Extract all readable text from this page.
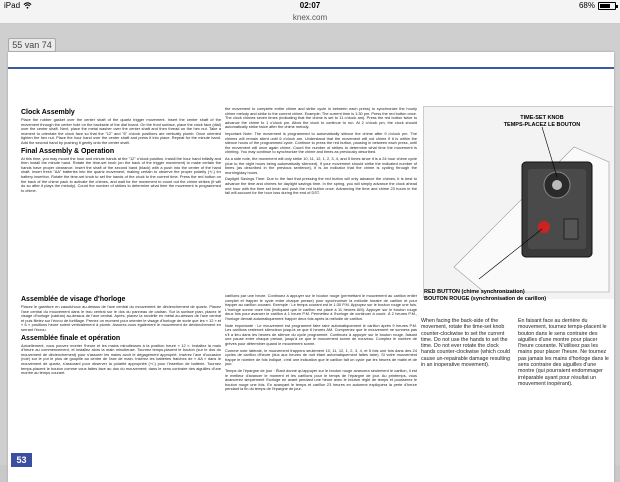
iPad	02:07	68%
knex.com
55 van 74
Clock Assembly

Place the rubber gasket over the center shaft of the quartz trigger movement. Insert the center shaft of the movement through the center hole on the backside of the dial board. On the front surface, place the clock face (dial) over the center shaft. Next, place the metal washer over the center shaft and then thread on the hex nut. Take a moment to orientate the clock face so that the "12" and "6" o'clock positions are vertically plumb. Once oriented tighten the hex nut. Place the hour hand over the center shaft and press it into place. Repeat for the minute hand. Add the second hand by pushing it gently onto the center shaft.

Final Assembly & Operation

At this time, you may mount the hour and minute hands at the "12" o'clock position. Install the hour hand initially and then install the minute hand. Rotate the time-set knob (on the back of the trigger movement) to make certain the hands have proper clearance. Insert the shaft of the second hand (black) with a push into the center of the hand shaft. Insert fresh "AA" batteries into the quartz movement, making certain to observe the proper polarity (+/-) for battery insertion. Rotate the time-set knob to set the hands of the clock to the current time. Press the red button on the back of the chime pack to activate the chimes, and wait for the movement to count out the chime strikes (it will do so after it plays the melody). Count the number of strikes to determine what time the movement is programmed to chime.

the movement to complete entire chime and strike cycle in between each press) to synchronize the hourly chime melody and strike to the current chime. Example: The current time is 1:30 pm. Press the red button once. The clock chimes seven times (indicating that the chime is set to 11 o'clock am). Press the red button twice to advance the chime to 1 o'clock pm. Allow the clock to continue to run. At 2 o'clock pm, the clock should automatically strike twice after the chime melody.

Important Note: The movement is programmed to automatically silence the chime after 9 o'clock pm. The chimes will remain silent until 6 o'clock am. Understand that the movement will not chime if it is within the silence hours of the programmed cycle. Continue to press the red button, pausing in between each press, until the movement will once again chime. Count the number of strikes to determine what time the movement is chiming. You may continue to synchronize the chime and times as previously described.

As a side note, the movement will only strike 10, 11, 12, 1, 2, 3, 4, and 5 times since it is a 24 hour chime cycle (due to the night hours being automatically silenced). If your movement should strike the indicated number of times (as described in the previous sentence), it is an indicator that the chime is cycling through the morning/day hours.

Daylight Savings Time: Due to the fact that pressing the red button will only advance the chimes, it is best to advance the time and chimes for daylight savings time. In the spring, you will simply advance the clock ahead one hour with the time set knob and push the red button once. Advancing the time and chime 23 hours in the fall will account for the hour loss during the end of DST.

Assemblée de visage d'horloge

Placez le garniture en caoutchouc au-dessus de l'axe central du mouvement de déclenchement de quartz. Placez l'axe central du mouvement dans le trou central sur le dos du panneau de cadran. Sur la surface plan, placez le visage d'horloge (cadran) au-dessus de l'axe central. Après, placez la rondelle en métal au-dessus de l'axe central et puis filetez sur l'écrou de tortillage. Prenez un moment pour orienter le visage d'horloge de sorte que les « 12 » et « 6 » positions heure soient verticalement à plomb. Assurez-vous également le mouvement de déclenchement en serrant l'écrou.

Assemblée finale et opération

Actuellement, vous pouvez monter l'heure et les mains minutieuses à la position heure « 12 ». Installez la main d'heure au commencement, et installez alors la main minutieuse. Tournez temps-placent le bouton (sur le dos du mouvement de déclenchement) pour s'assurer les mains avoir le dégagement approprié. Insérez l'axe d'occasion (noir) sur le pot le plus de goupille au centre de l'axe de main. Insérez les batteries fraîches de « AA » dans le mouvement de quartz, s'assurant pour observer la polarité appropriée (+/-) pour l'insertion de batterie. Tournez temps-placent le bouton comme vous faites face au dos du mouvement; dans le sens contraire des aiguilles d'une montre au temps courant.

carillons par une heure. Continuez à appuyer sur le bouton rouge (permettant le mouvement au carillon entier complet et frapper le cycle entre chaque presse) pour synchroniser la mélodie horaire de carillon et pour frapper au carillon courant. Exemple : Le temps courant est le 1:30 P.M. Appuyez sur le bouton rouge une fois. L'horloge sonne onze fois (indiquant que le carillon est placé à 11 heures AM). Appuyer sur le bouton rouge deux fois pour avancer le carillon à 1 heure P.M. Permettez à l'horloge de continuer à courir. À 2 heures P.M., l'horloge devrait automatiquement frapper deux fois après la mélodie de carillon.

Note importante : Le mouvement est programmé faire taire automatiquement le carillon après 9 heures P.M. Les carillons resteront silencieux jusqu'à ce que 6 heures AM. Comprenez que le mouvement ne sonnera pas s'il a lieu dans les heures de silence du cycle programmé. Continuez à appuyer sur le bouton rouge, faisant une pause entre chaque presse, jusqu'à ce que le mouvement sonne de nouveau. Comptez le nombre de grèves pour déterminer quand le mouvement sonne.

Comme note latérale, le mouvement frappera seulement 10, 11, 12, 1, 2, 3, 4, et 5 fois une fois dans des 24 cycles de carillon d'heure (dus aux heures de nuit étant automatiquement faites taire). Si votre mouvement frappe le nombre de fois indiqué, c'est une indication que le carillon fait un cycle par les heures de matin et de jour.

Temps de l'épargne de jour : Étant donné qu'appuyer sur le bouton rouge avancera seulement le carillon, il est le meilleur d'avancer le moment et les carillons pour le temps de l'épargne de jour. Au printemps, vous avancerez simplement l'horloge en avant pendant une heure avec le bouton réglé de temps et pousserez le bouton rouge une fois. En avançant le temps et carillon 23 heures en automne expliquera la perte d'heure pendant la fin du temps de l'épargne de jour.

TIME-SET KNOB
TEMPS-PLACEZ LE BOUTON
RED BUTTON (chime synchronization)
BOUTON ROUGE (synchronisation de carillon)
When facing the back-side of the movement, rotate the time-set knob counter-clockwise to set the current time. Do not use the hands to set the time. Do not ever rotate the clock hands counter-clockwise (which could cause un-repairable damage resulting in an inoperative movement).
En faisant face au derrière du mouvement, tournez temps-placent le bouton dans le sens contraire des aiguilles d'une montre pour placer l'heure courante. N'utilisez pas les mains pour placer l'heure. Ne tournez pas jamais les mains d'horloge dans le sens contraire des aiguilles d'une montre (qui pourraient endommager irréparable ayant pour résultat un mouvement inopérant).
53
